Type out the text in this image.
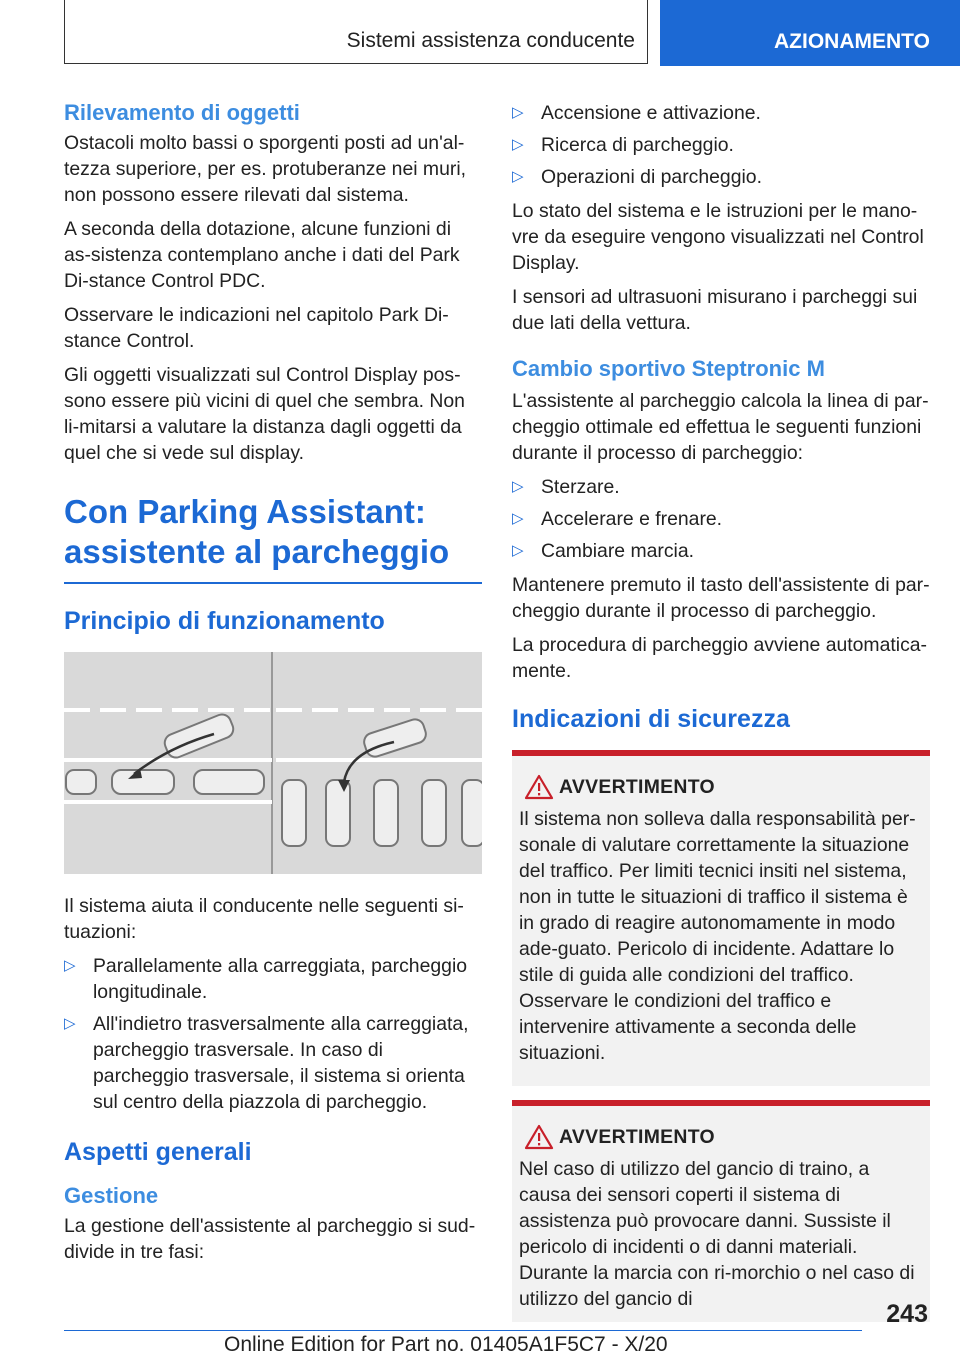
Sistemi assistenza conducente	AZIONAMENTO
Rilevamento di oggetti

Ostacoli molto bassi o sporgenti posti ad un'al-tezza superiore, per es. protuberanze nei muri, non possono essere rilevati dal sistema.

A seconda della dotazione, alcune funzioni di as-sistenza contemplano anche i dati del Park Di-stance Control PDC.

Osservare le indicazioni nel capitolo Park Di-stance Control.

Gli oggetti visualizzati sul Control Display pos-sono essere più vicini di quel che sembra. Non li-mitarsi a valutare la distanza dagli oggetti da quel che si vede sul display.

Con Parking Assistant: assistente al parcheggio
Principio di funzionamento

Il sistema aiuta il conducente nelle seguenti si-tuazioni:

▷ Parallelamente alla carreggiata, parcheggio longitudinale.
▷ All'indietro trasversalmente alla carreggiata, parcheggio trasversale. In caso di parcheggio trasversale, il sistema si orienta sul centro della piazzola di parcheggio.
Aspetti generali
Gestione

La gestione dell'assistente al parcheggio si sud-divide in tre fasi:

▷ Accensione e attivazione.
▷ Ricerca di parcheggio.
▷ Operazioni di parcheggio.

Lo stato del sistema e le istruzioni per le mano-vre da eseguire vengono visualizzati nel Control Display.

I sensori ad ultrasuoni misurano i parcheggi sui due lati della vettura.

Cambio sportivo Steptronic M

L'assistente al parcheggio calcola la linea di par-cheggio ottimale ed effettua le seguenti funzioni durante il processo di parcheggio:

▷ Sterzare.
▷ Accelerare e frenare.
▷ Cambiare marcia.

Mantenere premuto il tasto dell'assistente di par-cheggio durante il processo di parcheggio.

La procedura di parcheggio avviene automatica-mente.

Indicazioni di sicurezza
AVVERTIMENTO

Il sistema non solleva dalla responsabilità per-sonale di valutare correttamente la situazione del traffico. Per limiti tecnici insiti nel sistema, non in tutte le situazioni di traffico il sistema è in grado di reagire autonomamente in modo ade-guato. Pericolo di incidente. Adattare lo stile di guida alle condizioni del traffico. Osservare le condizioni del traffico e intervenire attivamente a seconda delle situazioni.

AVVERTIMENTO

Nel caso di utilizzo del gancio di traino, a causa dei sensori coperti il sistema di assistenza può provocare danni. Sussiste il pericolo di incidenti o di danni materiali. Durante la marcia con ri-morchio o nel caso di utilizzo del gancio di

243
Online Edition for Part no. 01405A1F5C7 - X/20
